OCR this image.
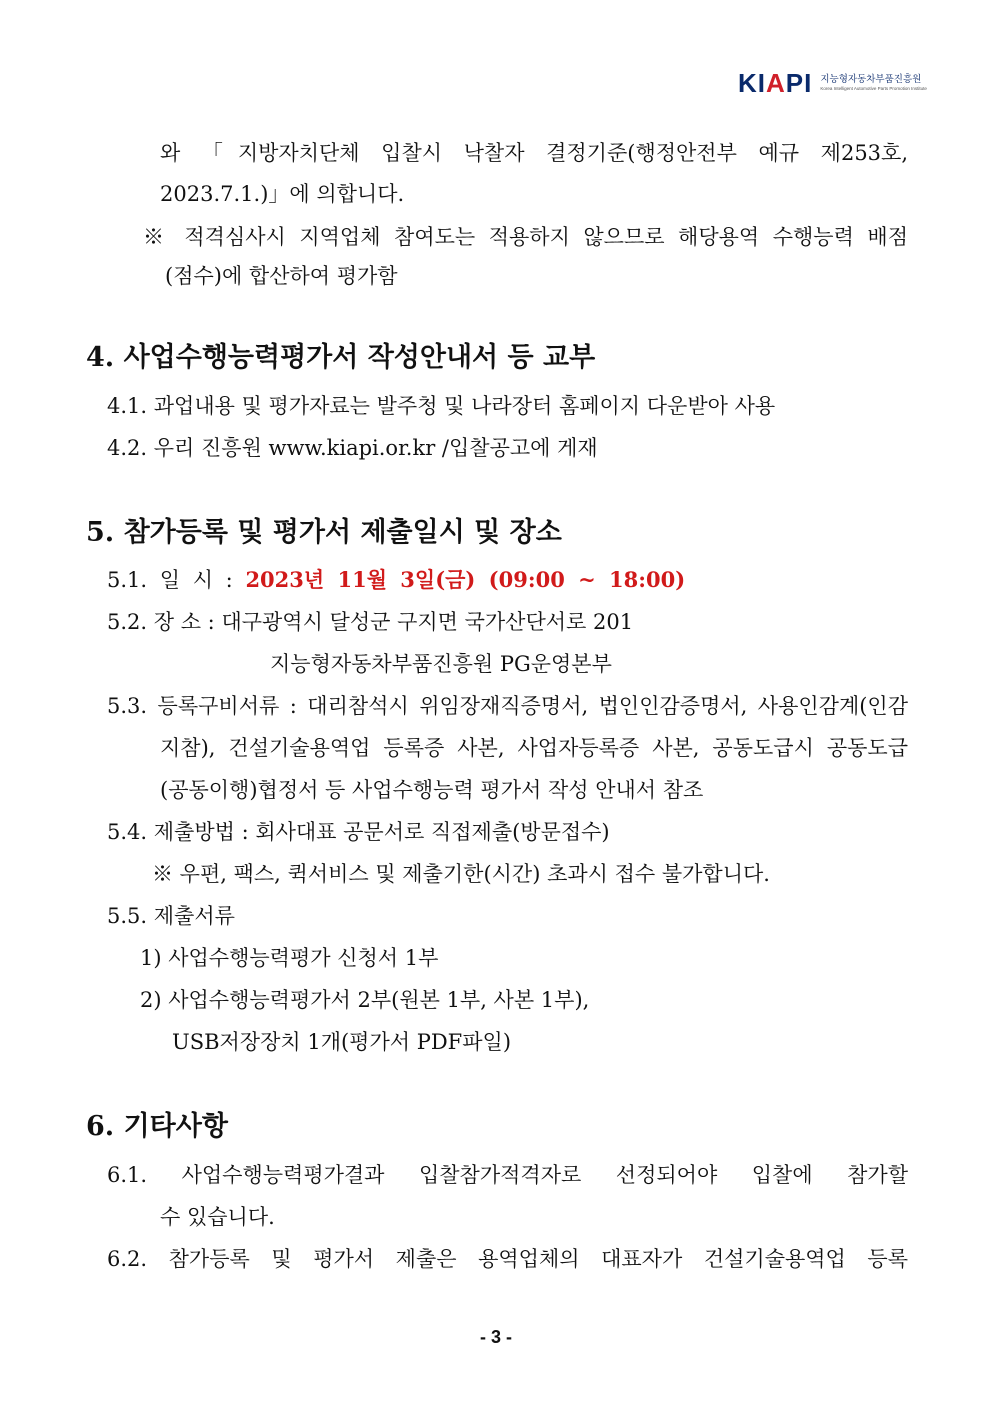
KIAPI 지능형자동차부품진흥원
Korea Intelligent Automotive Parts Promotion Institute
와 「지방자치단체 입찰시 낙찰자 결정기준(행정안전부 예규 제253호,
2023.7.1.)」에 의합니다.
※ 적격심사시 지역업체 참여도는 적용하지 않으므로 해당용역 수행능력 배점
(점수)에 합산하여 평가함
4. 사업수행능력평가서 작성안내서 등 교부
4.1. 과업내용 및 평가자료는 발주청 및 나라장터 홈페이지 다운받아 사용
4.2. 우리 진흥원 www.kiapi.or.kr /입찰공고에 게재
5. 참가등록 및 평가서 제출일시 및 장소
5.1. 일 시 : 2023년 11월 3일(금) (09:00 ~ 18:00)
5.2. 장 소 : 대구광역시 달성군 구지면 국가산단서로 201
지능형자동차부품진흥원 PG운영본부
5.3. 등록구비서류 : 대리참석시 위임장재직증명서, 법인인감증명서, 사용인감계(인감
지참), 건설기술용역업 등록증 사본, 사업자등록증 사본, 공동도급시 공동도급
(공동이행)협정서 등 사업수행능력 평가서 작성 안내서 참조
5.4. 제출방법 : 회사대표 공문서로 직접제출(방문접수)
※ 우편, 팩스, 퀵서비스 및 제출기한(시간) 초과시 접수 불가합니다.
5.5. 제출서류
1) 사업수행능력평가 신청서 1부
2) 사업수행능력평가서 2부(원본 1부, 사본 1부),
USB저장장치 1개(평가서 PDF파일)
6. 기타사항
6.1. 사업수행능력평가결과 입찰참가적격자로 선정되어야 입찰에 참가할
수 있습니다.
6.2. 참가등록 및 평가서 제출은 용역업체의 대표자가 건설기술용역업 등록
- 3 -
